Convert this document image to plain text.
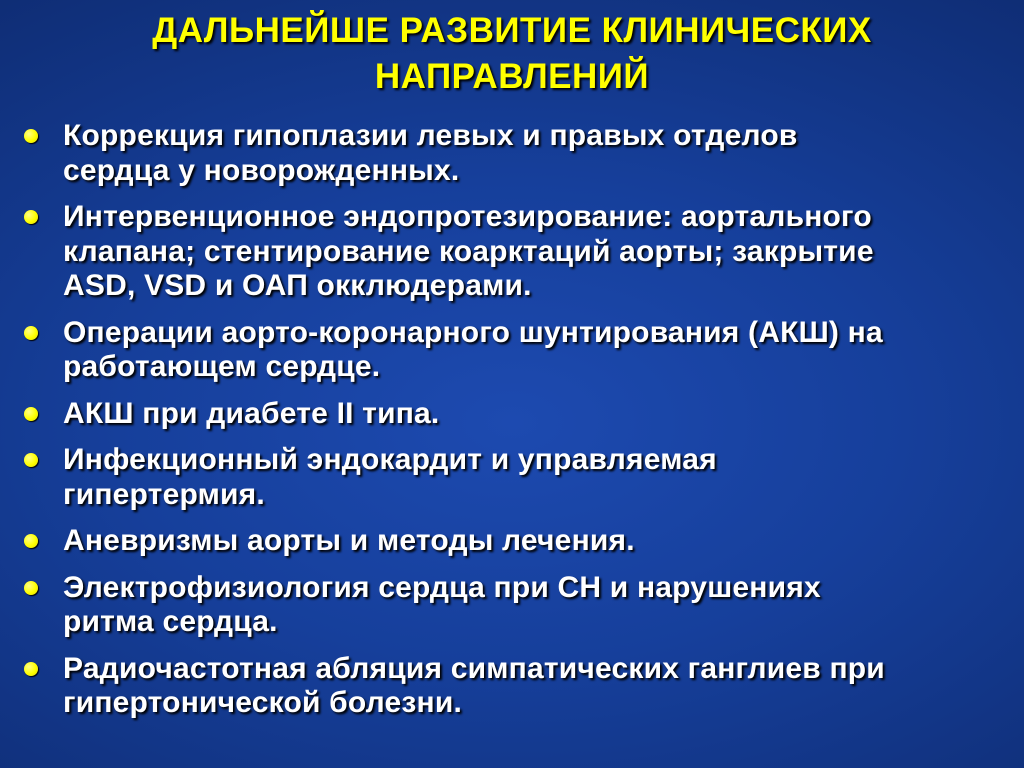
ДАЛЬНЕЙШЕ РАЗВИТИЕ КЛИНИЧЕСКИХ
НАПРАВЛЕНИЙ
Коррекция гипоплазии левых и правых отделов
сердца у новорожденных.
Интервенционное эндопротезирование: аортального
клапана; стентирование коарктаций аорты; закрытие
ASD, VSD и ОАП окклюдерами.
Операции аорто-коронарного шунтирования (АКШ) на
работающем сердце.
АКШ при диабете II типа.
Инфекционный эндокардит и управляемая
гипертермия.
Аневризмы аорты и методы лечения.
Электрофизиология сердца при СН и нарушениях
ритма сердца.
Радиочастотная абляция симпатических ганглиев при
гипертонической болезни.
